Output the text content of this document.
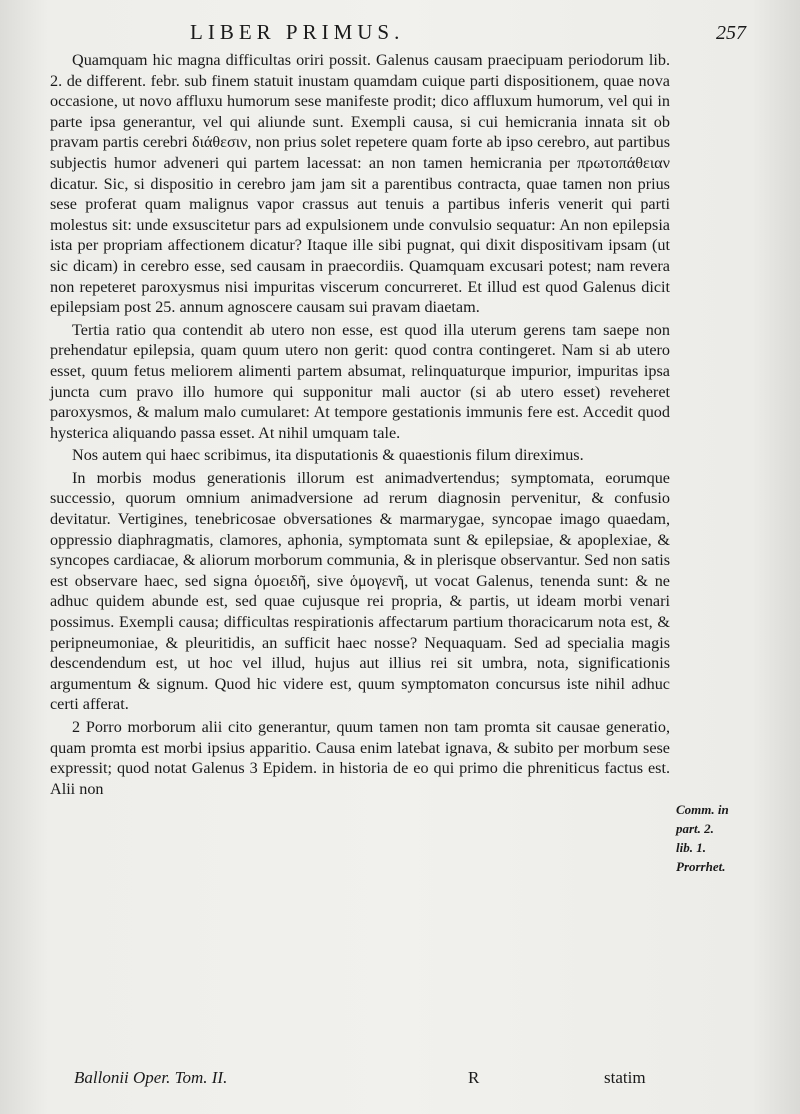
LIBER PRIMUS.	257

Quamquam hic magna difficultas oriri possit. Galenus causam praecipuam periodorum lib. 2. de different. febr. sub finem statuit inustam quamdam cuique parti dispositionem, quae nova occasione, ut novo affluxu humorum sese manifeste prodit; dico affluxum humorum, vel qui in parte ipsa generantur, vel qui aliunde sunt. Exempli causa, si cui hemicrania innata sit ob pravam partis cerebri διάθεσιν, non prius solet repetere quam forte ab ipso cerebro, aut partibus subjectis humor adveneri qui partem lacessat: an non tamen hemicrania per πρωτοπάθειαν dicatur. Sic, si dispositio in cerebro jam jam sit a parentibus contracta, quae tamen non prius sese proferat quam malignus vapor crassus aut tenuis a partibus inferis venerit qui parti molestus sit: unde exsuscitetur pars ad expulsionem unde convulsio sequatur: An non epilepsia ista per propriam affectionem dicatur? Itaque ille sibi pugnat, qui dixit dispositivam ipsam (ut sic dicam) in cerebro esse, sed causam in praecordiis. Quamquam excusari potest; nam revera non repeteret paroxysmus nisi impuritas viscerum concurreret. Et illud est quod Galenus dicit epilepsiam post 25. annum agnoscere causam sui pravam diaetam.

Tertia ratio qua contendit ab utero non esse, est quod illa uterum gerens tam saepe non prehendatur epilepsia, quam quum utero non gerit: quod contra contingeret. Nam si ab utero esset, quum fetus meliorem alimenti partem absumat, relinquaturque impurior, impuritas ipsa juncta cum pravo illo humore qui supponitur mali auctor (si ab utero esset) reveheret paroxysmos, & malum malo cumularet: At tempore gestationis immunis fere est. Accedit quod hysterica aliquando passa esset. At nihil umquam tale.

Nos autem qui haec scribimus, ita disputationis & quaestionis filum direximus.

In morbis modus generationis illorum est animadvertendus; symptomata, eorumque successio, quorum omnium animadversione ad rerum diagnosin pervenitur, & confusio devitatur. Vertigines, tenebricosae obversationes & marmarygae, syncopae imago quaedam, oppressio diaphragmatis, clamores, aphonia, symptomata sunt & epilepsiae, & apoplexiae, & syncopes cardiacae, & aliorum morborum communia, & in plerisque observantur. Sed non satis est observare haec, sed signa ὁμοειδῆ, sive ὁμογενῆ, ut vocat Galenus, tenenda sunt: & ne adhuc quidem abunde est, sed quae cujusque rei propria, & partis, ut ideam morbi venari possimus. Exempli causa; difficultas respirationis affectarum partium thoracicarum nota est, & peripneumoniae, & pleuritidis, an sufficit haec nosse? Nequaquam. Sed ad specialia magis descendendum est, ut hoc vel illud, hujus aut illius rei sit umbra, nota, significationis argumentum & signum. Quod hic videre est, quum symptomaton concursus iste nihil adhuc certi afferat.

2 Porro morborum alii cito generantur, quum tamen non tam promta sit causae generatio, quam promta est morbi ipsius apparitio. Causa enim latebat ignava, & subito per morbum sese expressit; quod notat Galenus 3 Epidem. in historia de eo qui primo die phreniticus factus est. Alii non

Comm. in
part. 2.
lib. 1.
Prorrhet.
Ballonii Oper. Tom. II.	R	statim
